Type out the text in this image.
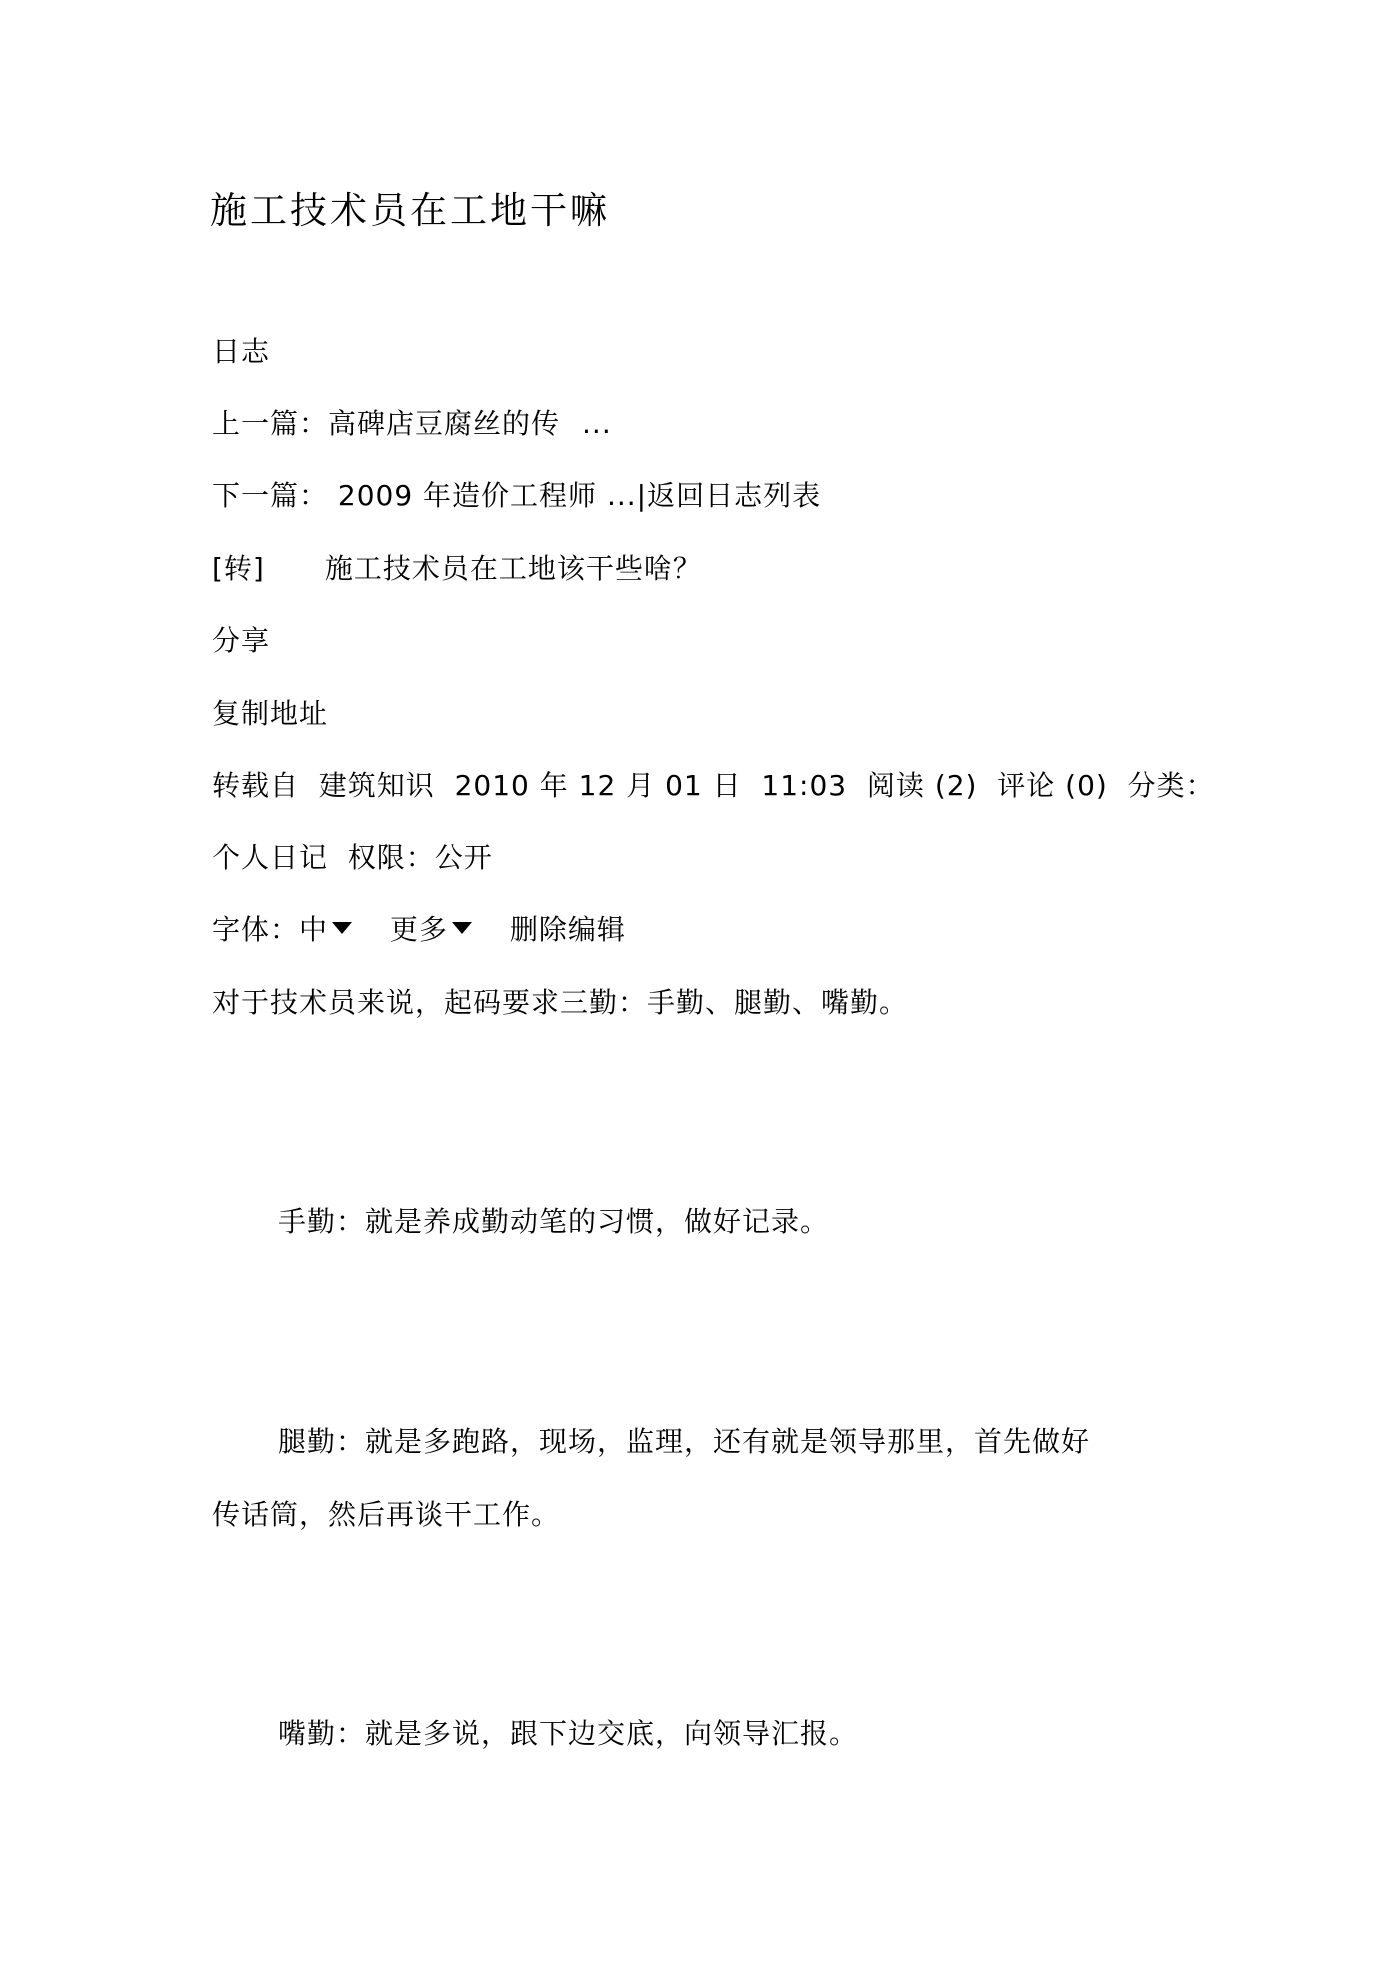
施工技术员在工地干嘛
日志
上一篇：高碑店豆腐丝的传 ...
下一篇： 2009 年造价工程师 ...|返回日志列表
[转] 施工技术员在工地该干些啥？
分享
复制地址
转载自  建筑知识  2010 年 12 月 01 日  11:03  阅读 (2)  评论 (0)  分类：
个人日记  权限：公开
字体：中 更多 删除编辑
对于技术员来说，起码要求三勤：手勤、腿勤、嘴勤。
手勤：就是养成勤动笔的习惯，做好记录。
腿勤：就是多跑路，现场，监理，还有就是领导那里，首先做好
传话筒，然后再谈干工作。
嘴勤：就是多说，跟下边交底，向领导汇报。
